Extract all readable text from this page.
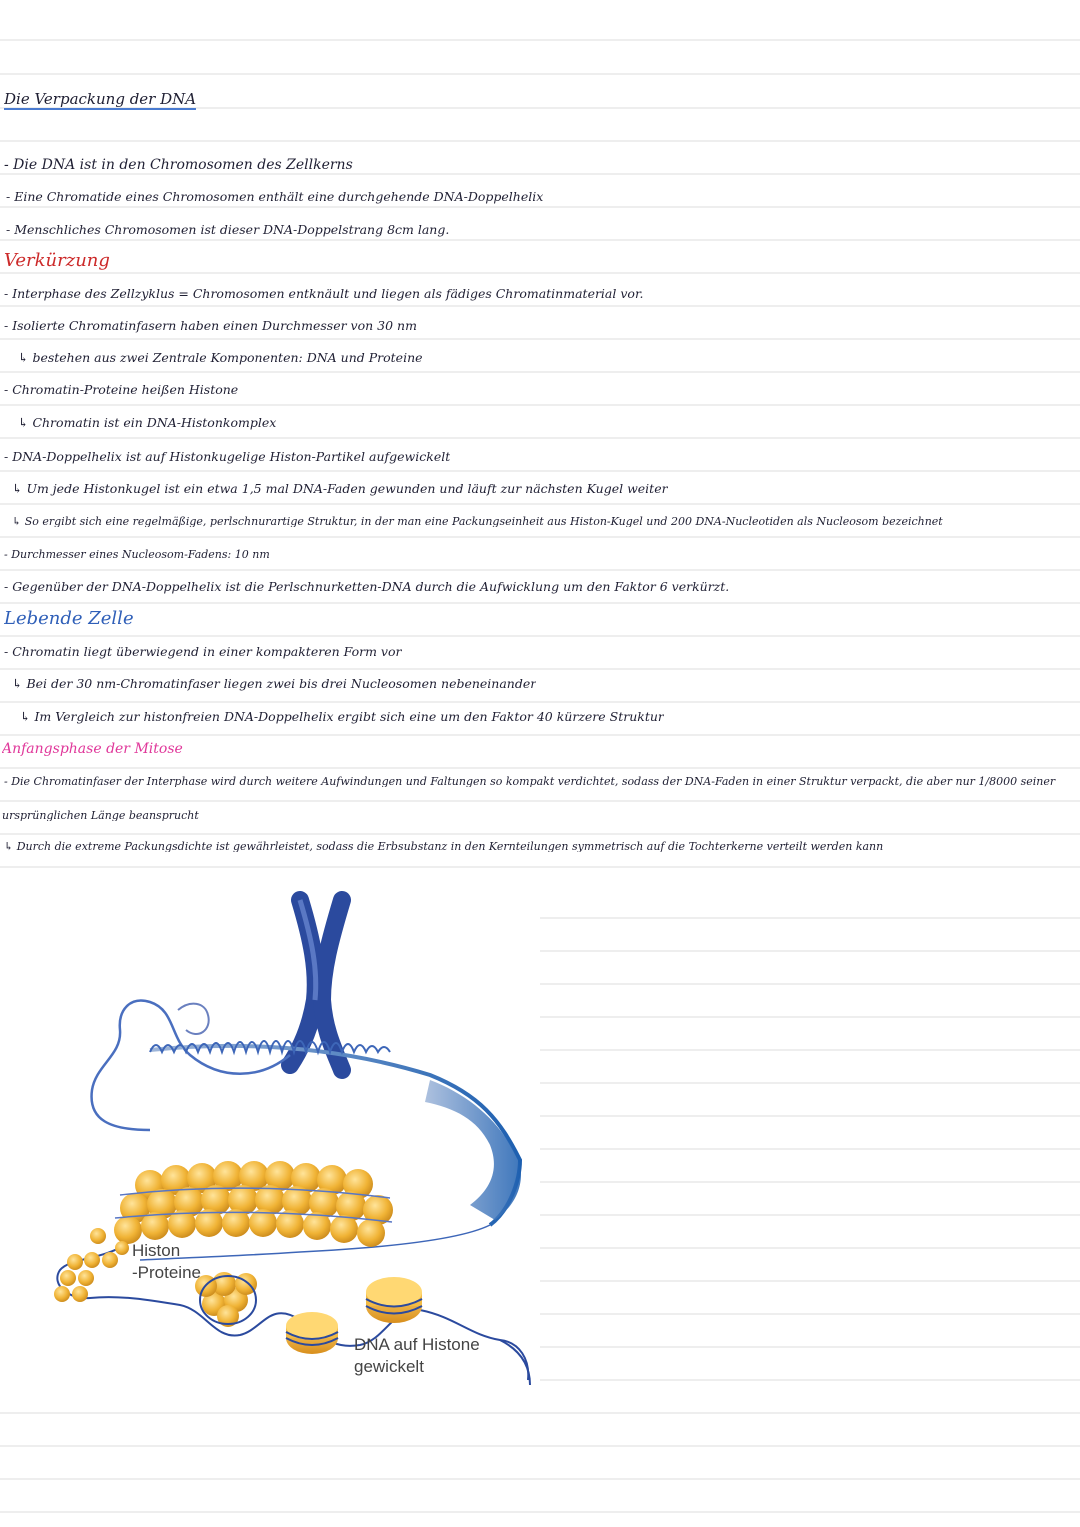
Die Verpackung der DNA
- Die DNA ist in den Chromosomen des Zellkerns
- Eine Chromatide eines Chromosomen enthält eine durchgehende DNA-Doppelhelix
- Menschliches Chromosomen ist dieser DNA-Doppelstrang 8cm lang.
Verkürzung
- Interphase des Zellzyklus = Chromosomen entknäult und liegen als fädiges Chromatinmaterial vor.
- Isolierte Chromatinfasern haben einen Durchmesser von 30 nm
↳ bestehen aus zwei Zentrale Komponenten: DNA und Proteine
- Chromatin-Proteine heißen Histone
↳ Chromatin ist ein DNA-Histonkomplex
- DNA-Doppelhelix ist auf Histonkugelige Histon-Partikel aufgewickelt
↳ Um jede Histonkugel ist ein etwa 1,5 mal DNA-Faden gewunden und läuft zur nächsten Kugel weiter
↳ So ergibt sich eine regelmäßige, perlschnurartige Struktur, in der man eine Packungseinheit aus Histon-Kugel und 200 DNA-Nucleotiden als Nucleosom bezeichnet
- Durchmesser eines Nucleosom-Fadens: 10 nm
- Gegenüber der DNA-Doppelhelix ist die Perlschnurketten-DNA durch die Aufwicklung um den Faktor 6 verkürzt.
Lebende Zelle
- Chromatin liegt überwiegend in einer kompakteren Form vor
↳ Bei der 30 nm-Chromatinfaser liegen zwei bis drei Nucleosomen nebeneinander
↳ Im Vergleich zur histonfreien DNA-Doppelhelix ergibt sich eine um den Faktor 40 kürzere Struktur
Anfangsphase der Mitose
- Die Chromatinfaser der Interphase wird durch weitere Aufwindungen und Faltungen so kompakt verdichtet, sodass der DNA-Faden in einer Struktur verpackt, die aber nur 1/8000 seiner
ursprünglichen Länge beansprucht
↳ Durch die extreme Packungsdichte ist gewährleistet, sodass die Erbsubstanz in den Kernteilungen symmetrisch auf die Tochterkerne verteilt werden kann
Histon
-Proteine
DNA auf Histone
gewickelt
